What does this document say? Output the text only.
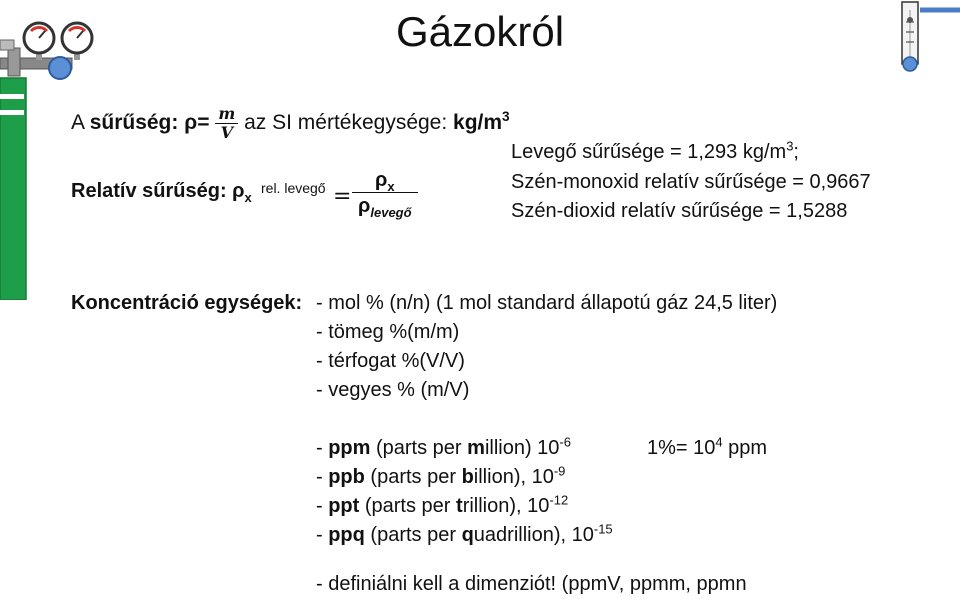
Gázokról
A sűrűség: $\rho= \frac{m}{V}$ az SI mértékegysége: $kg/m^3$
Relatív sűrűség: $\rho_x$
rel. levegő =
$\rho_x$
$\rho_{levegő}$
Levegő sűrűsége = 1,293 $kg/m^3$;
Szén-monoxid relatív sűrűsége = 0,9667
Szén-dioxid relatív sűrűsége = 1,5288
Koncentráció egységek: - mol % (n/n) (1 mol standard állapotú gáz 24,5 liter)
- tömeg %(m/m)
- térfogat %(V/V)
- vegyes % (m/V)
- ppm (parts per million) $10^{-6}$
- ppb (parts per billion), $10^{-9}$
- ppt (parts per trillion), $10^{-12}$
- ppq (parts per quadrillion), $10^{-15}$
$1\%= 10^4$ ppm
- definiálni kell a dimenziót! (ppmV, ppmm, ppmn
